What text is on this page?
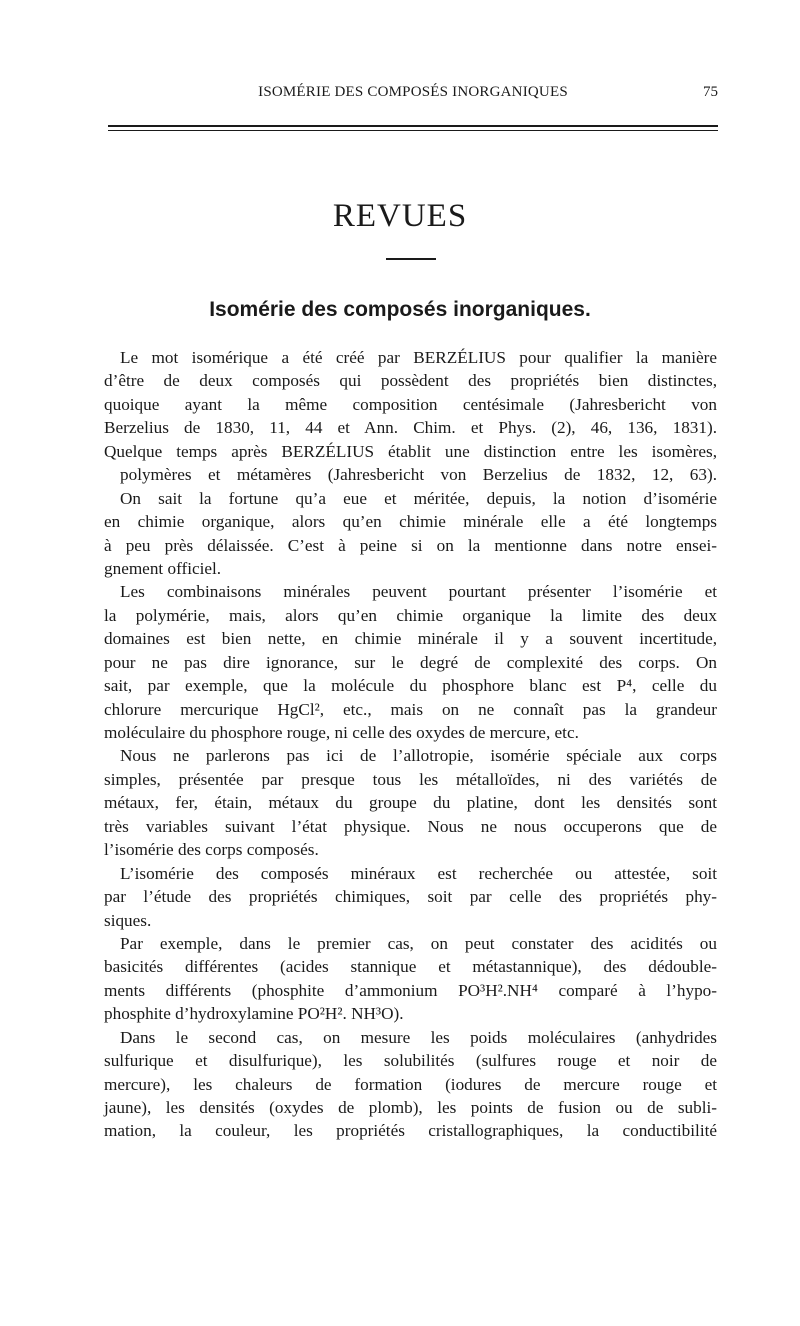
ISOMÉRIE DES COMPOSÉS INORGANIQUES	75
REVUES
Isomérie des composés inorganiques.
Le mot isomérique a été créé par BERZÉLIUS pour qualifier la manière
d’être de deux composés qui possèdent des propriétés bien distinctes,
quoique ayant la même composition centésimale (Jahresbericht von
Berzelius de 1830, 11, 44 et Ann. Chim. et Phys. (2), 46, 136, 1831).
Quelque temps après BERZÉLIUS établit une distinction entre les isomères,
polymères et métamères (Jahresbericht von Berzelius de 1832, 12, 63).
On sait la fortune qu’a eue et méritée, depuis, la notion d’isomérie
en chimie organique, alors qu’en chimie minérale elle a été longtemps
à peu près délaissée. C’est à peine si on la mentionne dans notre ensei-
gnement officiel.
Les combinaisons minérales peuvent pourtant présenter l’isomérie et
la polymérie, mais, alors qu’en chimie organique la limite des deux
domaines est bien nette, en chimie minérale il y a souvent incertitude,
pour ne pas dire ignorance, sur le degré de complexité des corps. On
sait, par exemple, que la molécule du phosphore blanc est P⁴, celle du
chlorure mercurique HgCl², etc., mais on ne connaît pas la grandeur
moléculaire du phosphore rouge, ni celle des oxydes de mercure, etc.
Nous ne parlerons pas ici de l’allotropie, isomérie spéciale aux corps
simples, présentée par presque tous les métalloïdes, ni des variétés de
métaux, fer, étain, métaux du groupe du platine, dont les densités sont
très variables suivant l’état physique. Nous ne nous occuperons que de
l’isomérie des corps composés.
L’isomérie des composés minéraux est recherchée ou attestée, soit
par l’étude des propriétés chimiques, soit par celle des propriétés phy-
siques.
Par exemple, dans le premier cas, on peut constater des acidités ou
basicités différentes (acides stannique et métastannique), des dédouble-
ments différents (phosphite d’ammonium PO³H².NH⁴ comparé à l’hypo-
phosphite d’hydroxylamine PO²H². NH³O).
Dans le second cas, on mesure les poids moléculaires (anhydrides
sulfurique et disulfurique), les solubilités (sulfures rouge et noir de
mercure), les chaleurs de formation (iodures de mercure rouge et
jaune), les densités (oxydes de plomb), les points de fusion ou de subli-
mation, la couleur, les propriétés cristallographiques, la conductibilité
